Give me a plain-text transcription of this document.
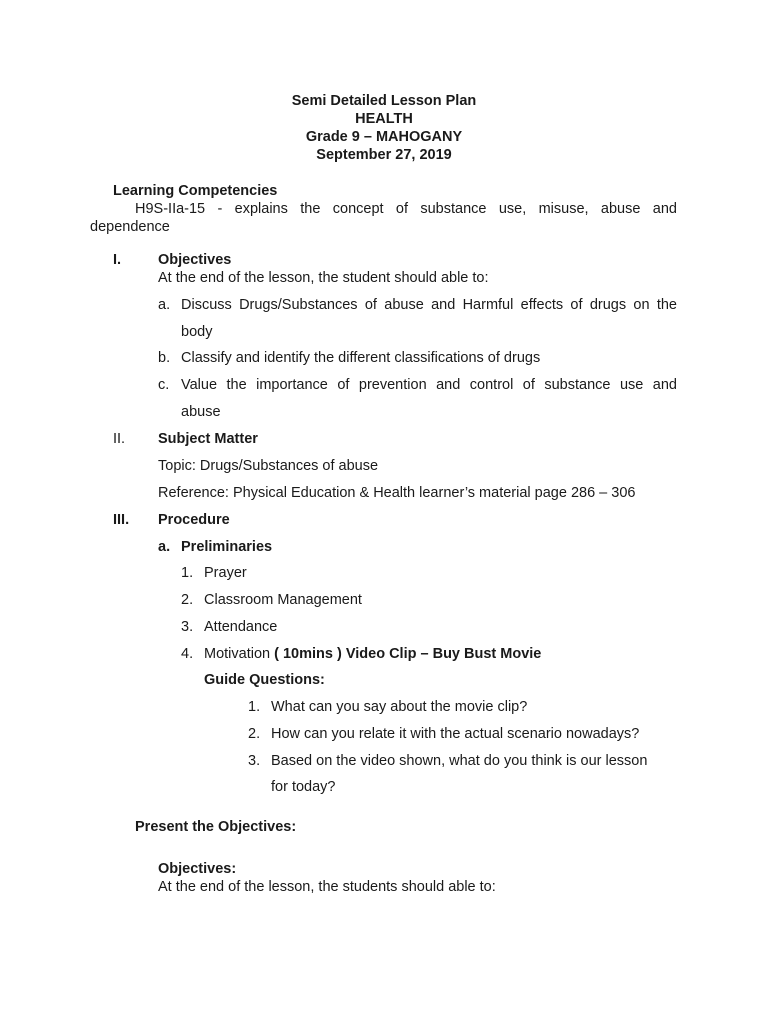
Semi Detailed Lesson Plan
HEALTH
Grade 9 – MAHOGANY
September 27, 2019
Learning Competencies
H9S-IIa-15 - explains the concept of substance use, misuse, abuse and
dependence
I.	Objectives
At the end of the lesson, the student should able to:
a. Discuss Drugs/Substances of abuse and Harmful effects of drugs on the
body
b. Classify and identify the different classifications of drugs
c. Value the importance of prevention and control of substance use and
abuse
II. Subject Matter
Topic: Drugs/Substances of abuse
Reference: Physical Education & Health learner’s material page 286 – 306
III. Procedure
a. Preliminaries
1. Prayer
2. Classroom Management
3. Attendance
4. Motivation ( 10mins ) Video Clip – Buy Bust Movie
Guide Questions:
1. What can you say about the movie clip?
2. How can you relate it with the actual scenario nowadays?
3. Based on the video shown, what do you think is our lesson
for today?
Present the Objectives:
Objectives:
At the end of the lesson, the students should able to:
